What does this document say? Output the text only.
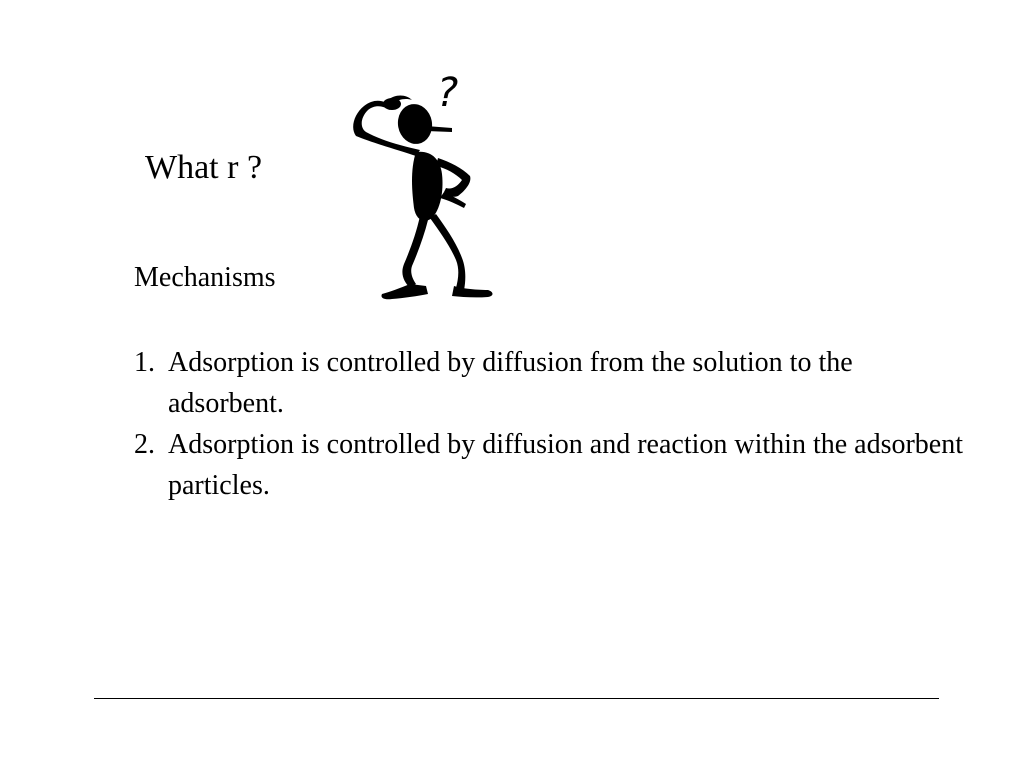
What r ?
?
Mechanisms
1. Adsorption is controlled by diffusion from the solution to the adsorbent.
2. Adsorption is controlled by diffusion and reaction within the adsorbent particles.
